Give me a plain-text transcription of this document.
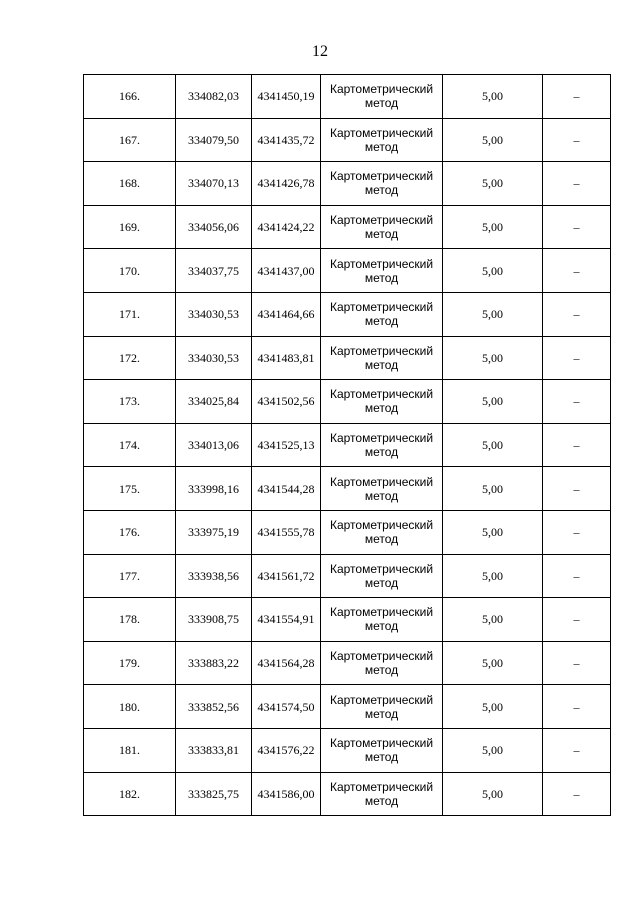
12
166.	334082,03	4341450,19	Картометрический метод	5,00	–
167.	334079,50	4341435,72	Картометрический метод	5,00	–
168.	334070,13	4341426,78	Картометрический метод	5,00	–
169.	334056,06	4341424,22	Картометрический метод	5,00	–
170.	334037,75	4341437,00	Картометрический метод	5,00	–
171.	334030,53	4341464,66	Картометрический метод	5,00	–
172.	334030,53	4341483,81	Картометрический метод	5,00	–
173.	334025,84	4341502,56	Картометрический метод	5,00	–
174.	334013,06	4341525,13	Картометрический метод	5,00	–
175.	333998,16	4341544,28	Картометрический метод	5,00	–
176.	333975,19	4341555,78	Картометрический метод	5,00	–
177.	333938,56	4341561,72	Картометрический метод	5,00	–
178.	333908,75	4341554,91	Картометрический метод	5,00	–
179.	333883,22	4341564,28	Картометрический метод	5,00	–
180.	333852,56	4341574,50	Картометрический метод	5,00	–
181.	333833,81	4341576,22	Картометрический метод	5,00	–
182.	333825,75	4341586,00	Картометрический метод	5,00	–
